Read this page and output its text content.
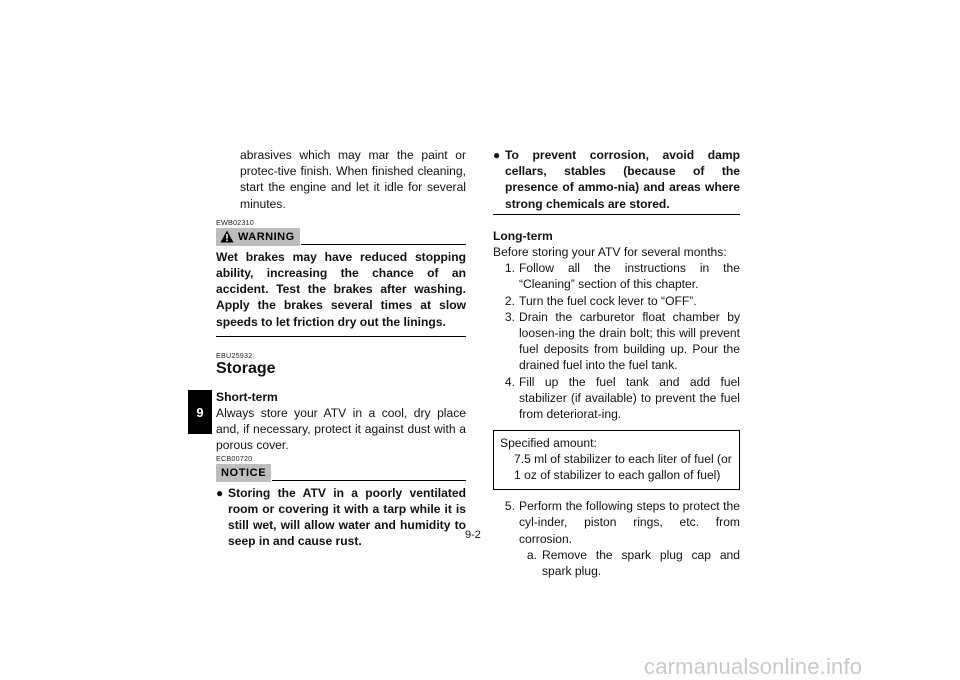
9

abrasives which may mar the paint or protec-tive finish. When finished cleaning, start the engine and let it idle for several minutes.

EWB02310
WARNING

Wet brakes may have reduced stopping ability, increasing the chance of an accident. Test the brakes after washing. Apply the brakes several times at slow speeds to let friction dry out the linings.

EBU25932
Storage
Short-term

Always store your ATV in a cool, dry place and, if necessary, protect it against dust with a porous cover.

ECB00720
NOTICE
● Storing the ATV in a poorly ventilated room or covering it with a tarp while it is still wet, will allow water and humidity to seep in and cause rust.

● To prevent corrosion, avoid damp cellars, stables (because of the presence of ammo-nia) and areas where strong chemicals are stored.

Long-term

Before storing your ATV for several months:

1. Follow all the instructions in the “Cleaning” section of this chapter.
2. Turn the fuel cock lever to “OFF”.
3. Drain the carburetor float chamber by loosen-ing the drain bolt; this will prevent fuel deposits from building up. Pour the drained fuel into the fuel tank.
4. Fill up the fuel tank and add fuel stabilizer (if available) to prevent the fuel from deteriorat-ing.
Specified amount:
7.5 ml of stabilizer to each liter of fuel (or 1 oz of stabilizer to each gallon of fuel)
5. Perform the following steps to protect the cyl-inder, piston rings, etc. from corrosion.
a. Remove the spark plug cap and spark plug.
9-2
carmanualsonline.info
